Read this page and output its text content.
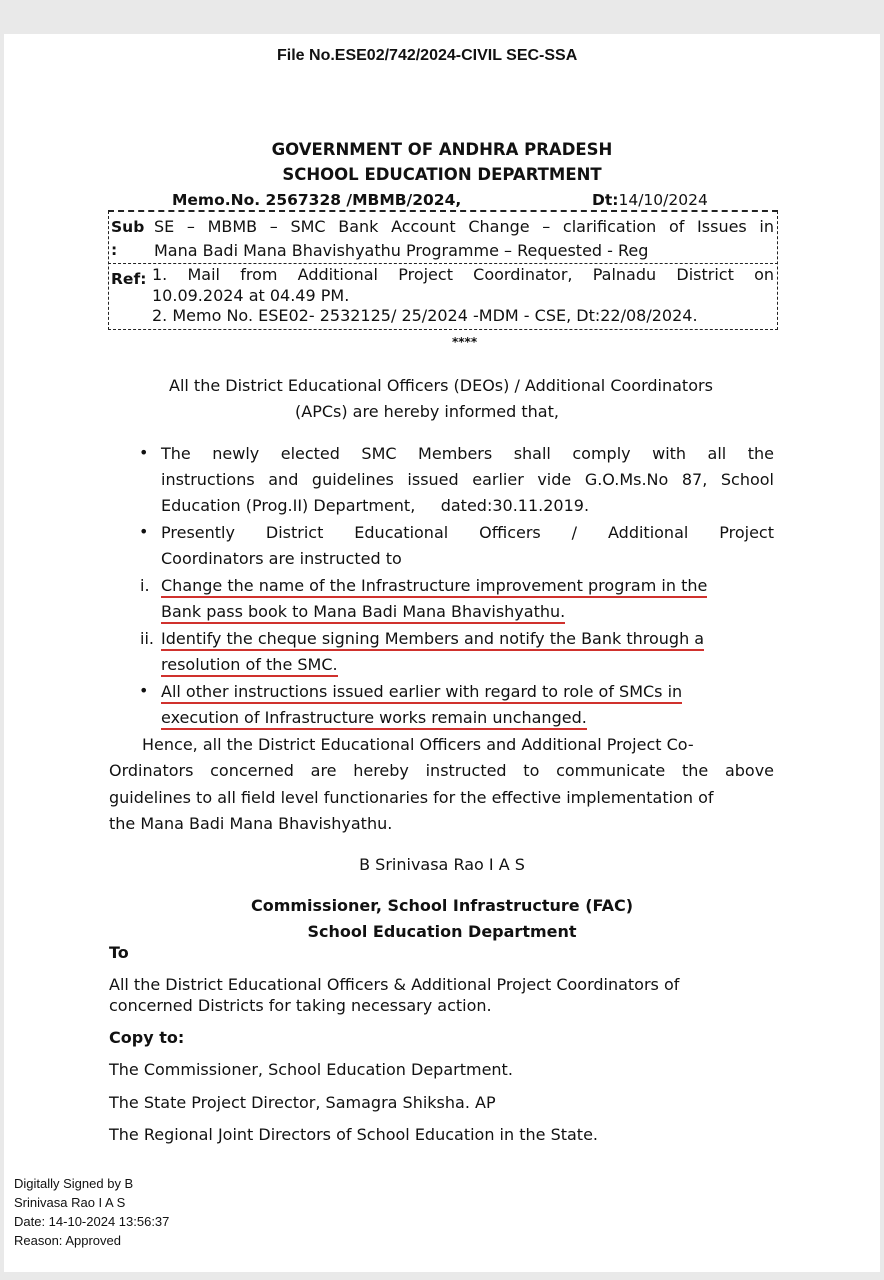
File No.ESE02/742/2024-CIVIL SEC-SSA
GOVERNMENT OF ANDHRA PRADESH
SCHOOL EDUCATION DEPARTMENT
Memo.No. 2567328 /MBMB/2024,	Dt:14/10/2024
Sub
:
SE – MBMB – SMC Bank Account Change – clarification of Issues in
Mana Badi Mana Bhavishyathu Programme – Requested - Reg
Ref: 1. Mail from Additional Project Coordinator, Palnadu District on
10.09.2024 at 04.49 PM.
2. Memo No. ESE02- 2532125/ 25/2024 -MDM - CSE, Dt:22/08/2024.
****
All the District Educational Officers (DEOs) / Additional Coordinators
(APCs) are hereby informed that,
• The newly elected SMC Members shall comply with all the
instructions and guidelines issued earlier vide G.O.Ms.No 87, School
Education (Prog.II) Department,     dated:30.11.2019.
• Presently District Educational Officers / Additional Project
Coordinators are instructed to
i. Change the name of the Infrastructure improvement program in the
Bank pass book to Mana Badi Mana Bhavishyathu.
ii. Identify the cheque signing Members and notify the Bank through a
resolution of the SMC.
• All other instructions issued earlier with regard to role of SMCs in
execution of Infrastructure works remain unchanged.
Hence, all the District Educational Officers and Additional Project Co-
Ordinators concerned are hereby instructed to communicate the above
guidelines to all field level functionaries for the effective implementation of
the Mana Badi Mana Bhavishyathu.
B Srinivasa Rao I A S
Commissioner, School Infrastructure (FAC)
School Education Department
To
All the District Educational Officers & Additional Project Coordinators of
concerned Districts for taking necessary action.
Copy to:
The Commissioner, School Education Department.
The State Project Director, Samagra Shiksha. AP
The Regional Joint Directors of School Education in the State.
Digitally Signed by B
Srinivasa Rao I A S
Date: 14-10-2024 13:56:37
Reason: Approved
